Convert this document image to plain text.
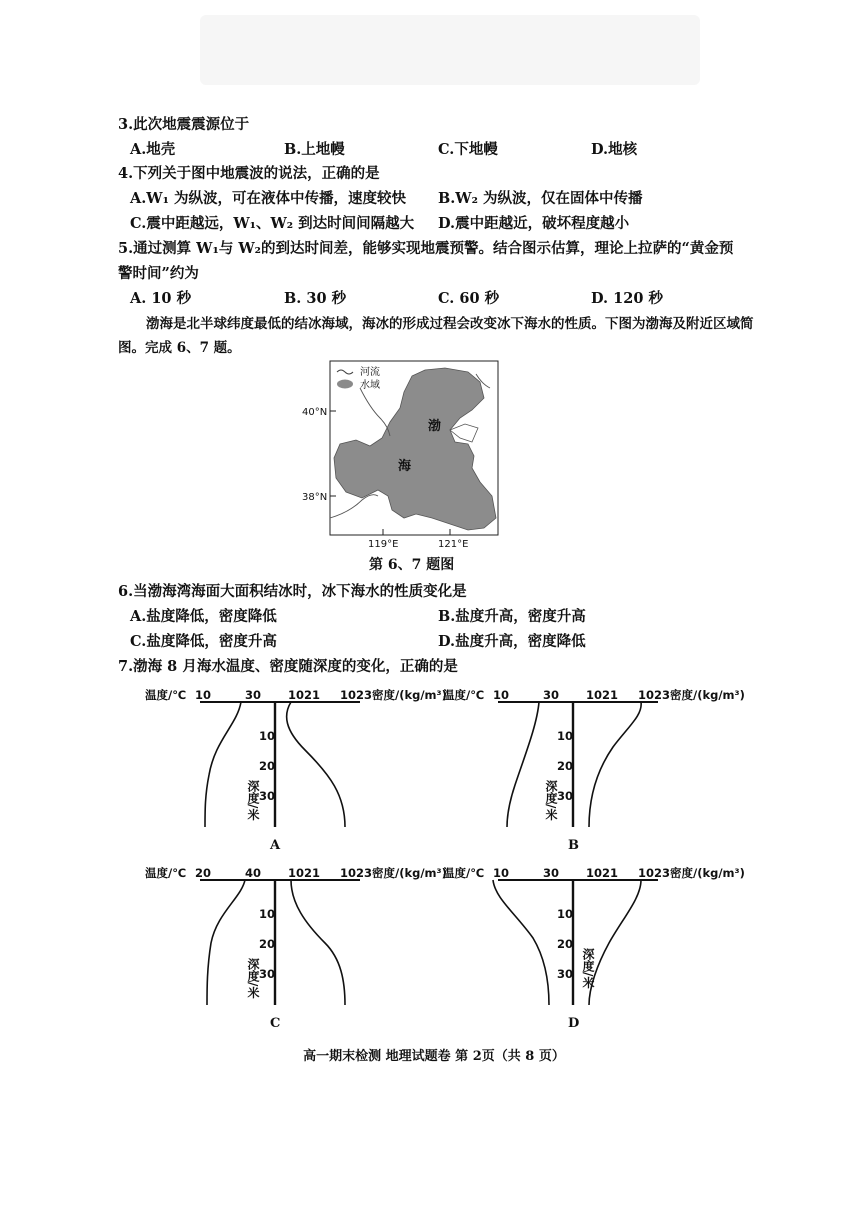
3.此次地震震源位于
A.地壳	B.上地幔	C.下地幔	D.地核
4.下列关于图中地震波的说法，正确的是
A.W₁ 为纵波，可在液体中传播，速度较快 B.W₂ 为纵波，仅在固体中传播
C.震中距越远，W₁、W₂ 到达时间间隔越大 D.震中距越近，破坏程度越小
5.通过测算 W₁与 W₂的到达时间差，能够实现地震预警。结合图示估算，理论上拉萨的“黄金预
警时间”约为
A. 10 秒	B. 30 秒	C. 60 秒	D. 120 秒
渤海是北半球纬度最低的结冰海域，海冰的形成过程会改变冰下海水的性质。下图为渤海及附近区域简图。完成 6、7 题。
河流
水域
40°N
38°N
119°E	121°E
渤
海
第 6、7 题图
6.当渤海湾海面大面积结冰时，冰下海水的性质变化是
A.盐度降低，密度降低	B.盐度升高，密度升高
C.盐度降低，密度升高	D.盐度升高，密度降低
7.渤海 8 月海水温度、密度随深度的变化，正确的是
温度/℃ 10	30 1021 1023密度/(kg/m³)
10
20
30
深度/米
A
温度/℃ 10	30 1021 1023密度/(kg/m³)
10
20
30
深度/米
B
温度/℃ 20	40 1021 1023密度/(kg/m³)
10
20
30
深度/米
C
温度/℃ 10	30 1021 1023密度/(kg/m³)
10
20
30 深度/米
D
高一期末检测 地理试题卷 第 2页（共 8 页）
